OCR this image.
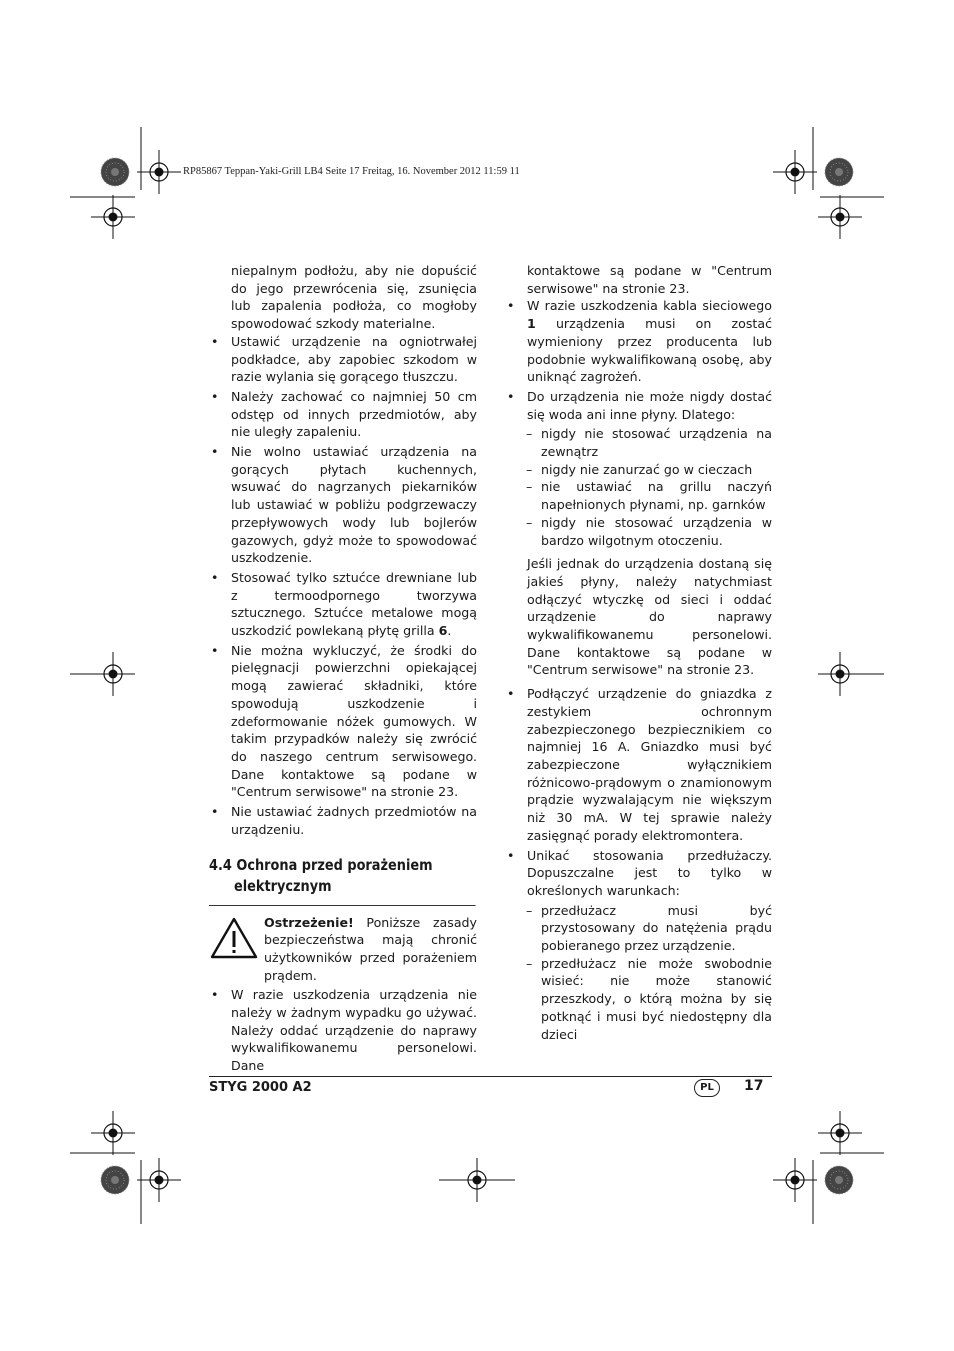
RP85867 Teppan-Yaki-Grill LB4 Seite 17 Freitag, 16. November 2012 11:59 11

niepalnym podłożu, aby nie dopuścić do jego przewrócenia się, zsunięcia lub zapalenia podłoża, co mogłoby spowodować szkody materialne.

• Ustawić urządzenie na ogniotrwałej podkładce, aby zapobiec szkodom w razie wylania się gorącego tłuszczu.

• Należy zachować co najmniej 50 cm odstęp od innych przedmiotów, aby nie uległy zapaleniu.

• Nie wolno ustawiać urządzenia na gorących płytach kuchennych, wsuwać do nagrzanych piekarników lub ustawiać w pobliżu podgrzewaczy przepływowych wody lub bojlerów gazowych, gdyż może to spowodować uszkodzenie.

• Stosować tylko sztućce drewniane lub z termoodpornego tworzywa sztucznego. Sztućce metalowe mogą uszkodzić powlekaną płytę grilla 6.

• Nie można wykluczyć, że środki do pielęgnacji powierzchni opiekającej mogą zawierać składniki, które spowodują uszkodzenie i zdeformowanie nóżek gumowych. W takim przypadków należy się zwrócić do naszego centrum serwisowego. Dane kontaktowe są podane w "Centrum serwisowe" na stronie 23.

• Nie ustawiać żadnych przedmiotów na urządzeniu.

4.4 Ochrona przed porażeniem
elektrycznym
Ostrzeżenie! Poniższe zasady bezpieczeństwa mają chronić użytkowników przed porażeniem prądem.

• W razie uszkodzenia urządzenia nie należy w żadnym wypadku go używać. Należy oddać urządzenie do naprawy wykwalifikowanemu personelowi. Dane

kontaktowe są podane w "Centrum serwisowe" na stronie 23.

• W razie uszkodzenia kabla sieciowego 1 urządzenia musi on zostać wymieniony przez producenta lub podobnie wykwalifikowaną osobę, aby uniknąć zagrożeń.

• Do urządzenia nie może nigdy dostać się woda ani inne płyny. Dlatego:

– nigdy nie stosować urządzenia na zewnątrz

– nigdy nie zanurzać go w cieczach

– nie ustawiać na grillu naczyń napełnionych płynami, np. garnków

– nigdy nie stosować urządzenia w bardzo wilgotnym otoczeniu.

Jeśli jednak do urządzenia dostaną się jakieś płyny, należy natychmiast odłączyć wtyczkę od sieci i oddać urządzenie do naprawy wykwalifikowanemu personelowi. Dane kontaktowe są podane w "Centrum serwisowe" na stronie 23.

• Podłączyć urządzenie do gniazdka z zestykiem ochronnym zabezpieczonego bezpiecznikiem co najmniej 16 A. Gniazdko musi być zabezpieczone wyłącznikiem różnicowo-prądowym o znamionowym prądzie wyzwalającym nie większym niż 30 mA. W tej sprawie należy zasięgnąć porady elektromontera.

• Unikać stosowania przedłużaczy. Dopuszczalne jest to tylko w określonych warunkach:

– przedłużacz musi być przystosowany do natężenia prądu pobieranego przez urządzenie.

– przedłużacz nie może swobodnie wisieć: nie może stanowić przeszkody, o którą można by się potknąć i musi być niedostępny dla dzieci

STYG 2000 A2	PL	17
